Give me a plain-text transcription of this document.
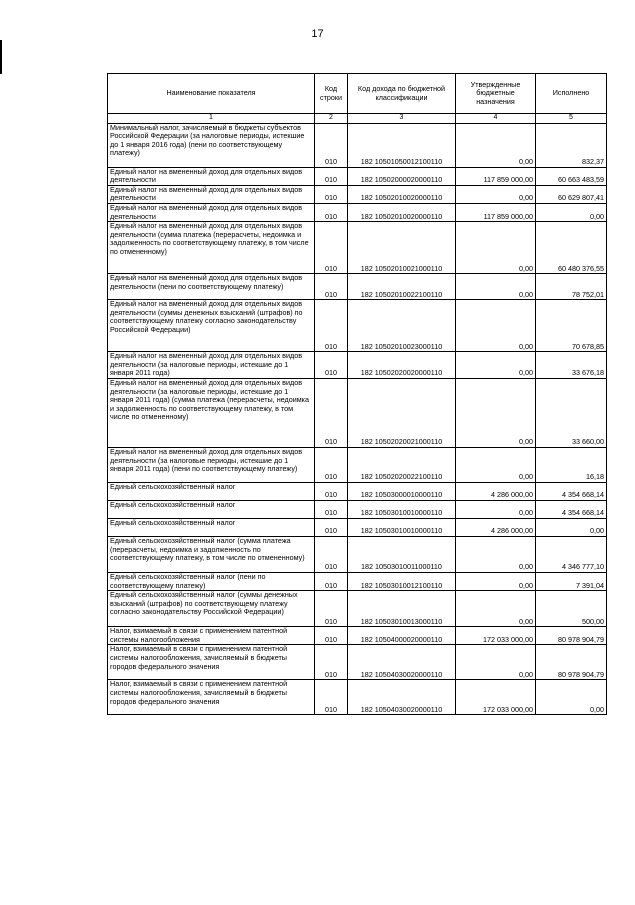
17
Наименование показателя	Код строки	Код дохода по бюджетной классификации	Утвержденные бюджетные назначения	Исполнено
1	2	3	4	5
Минимальный налог, зачисляемый в бюджеты субъектов Российской Федерации (за налоговые периоды, истекшие до 1 января 2016 года) (пени по соответствующему платежу)	010	182 10501050012100110	0,00	832,37
Единый налог на вмененный доход для отдельных видов деятельности	010	182 10502000020000110	117 859 000,00	60 663 483,59
Единый налог на вмененный доход для отдельных видов деятельности	010	182 10502010020000110	0,00	60 629 807,41
Единый налог на вмененный доход для отдельных видов деятельности	010	182 10502010020000110	117 859 000,00	0,00
Единый налог на вмененный доход для отдельных видов деятельности (сумма платежа (перерасчеты, недоимка и задолженность по соответствующему платежу, в том числе по отмененному)	010	182 10502010021000110	0,00	60 480 376,55
Единый налог на вмененный доход для отдельных видов деятельности (пени по соответствующему платежу)	010	182 10502010022100110	0,00	78 752,01
Единый налог на вмененный доход для отдельных видов деятельности (суммы денежных взысканий (штрафов) по соответствующему платежу согласно законодательству Российской Федерации)	010	182 10502010023000110	0,00	70 678,85
Единый налог на вмененный доход для отдельных видов деятельности (за налоговые периоды, истекшие до 1 января 2011 года)	010	182 10502020020000110	0,00	33 676,18
Единый налог на вмененный доход для отдельных видов деятельности (за налоговые периоды, истекшие до 1 января 2011 года) (сумма платежа (перерасчеты, недоимка и задолженность по соответствующему платежу, в том числе по отмененному)	010	182 10502020021000110	0,00	33 660,00
Единый налог на вмененный доход для отдельных видов деятельности (за налоговые периоды, истекшие до 1 января 2011 года) (пени по соответствующему платежу)	010	182 10502020022100110	0,00	16,18
Единый сельскохозяйственный налог	010	182 10503000010000110	4 286 000,00	4 354 668,14
Единый сельскохозяйственный налог	010	182 10503010010000110	0,00	4 354 668,14
Единый сельскохозяйственный налог	010	182 10503010010000110	4 286 000,00	0,00
Единый сельскохозяйственный налог (сумма платежа (перерасчеты, недоимка и задолженность по соответствующему платежу, в том числе по отмененному)	010	182 10503010011000110	0,00	4 346 777,10
Единый сельскохозяйственный налог (пени по соответствующему платежу)	010	182 10503010012100110	0,00	7 391,04
Единый сельскохозяйственный налог (суммы денежных взысканий (штрафов) по соответствующему платежу согласно законодательству Российской Федерации)	010	182 10503010013000110	0,00	500,00
Налог, взимаемый в связи с применением патентной системы налогообложения	010	182 10504000020000110	172 033 000,00	80 978 904,79
Налог, взимаемый в связи с применением патентной системы налогообложения, зачисляемый в бюджеты городов федерального значения	010	182 10504030020000110	0,00	80 978 904,79
Налог, взимаемый в связи с применением патентной системы налогообложения, зачисляемый в бюджеты городов федерального значения	010	182 10504030020000110	172 033 000,00	0,00
